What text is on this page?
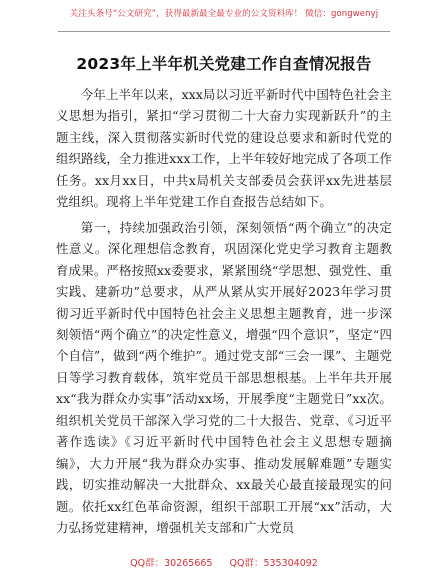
关注头条号“公文研究”，获得最新最全最专业的公文资料库！ 微信：gongwenyj
2023年上半年机关党建工作自查情况报告

今年上半年以来，xxx局以习近平新时代中国特色社会主义思想为指引，紧扣“学习贯彻二十大奋力实现新跃升”的主题主线，深入贯彻落实新时代党的建设总要求和新时代党的组织路线，全力推进xxx工作，上半年较好地完成了各项工作任务。xx月xx日，中共x局机关支部委员会获评xx先进基层党组织。现将上半年党建工作自查报告总结如下。

第一，持续加强政治引领，深刻领悟“两个确立”的决定性意义。深化理想信念教育，巩固深化党史学习教育主题教育成果。严格按照xx委要求，紧紧围绕“学思想、强党性、重实践、建新功”总要求，从严从紧从实开展好2023年学习贯彻习近平新时代中国特色社会主义思想主题教育，进一步深刻领悟“两个确立”的决定性意义，增强“四个意识”，坚定“四个自信”，做到“两个维护”。通过党支部“三会一课”、主题党日等学习教育载体，筑牢党员干部思想根基。上半年共开展xx“我为群众办实事”活动xx场，开展季度“主题党日”xx次。组织机关党员干部深入学习党的二十大报告、党章、《习近平著作选读》《习近平新时代中国特色社会主义思想专题摘编》，大力开展“我为群众办实事、推动发展解难题”专题实践，切实推动解决一大批群众、xx最关心最直接最现实的问题。依托xx红色革命资源，组织干部职工开展“xx”活动，大力弘扬党建精神，增强机关支部和广大党员

QQ群：30265665 QQ群：535304092
